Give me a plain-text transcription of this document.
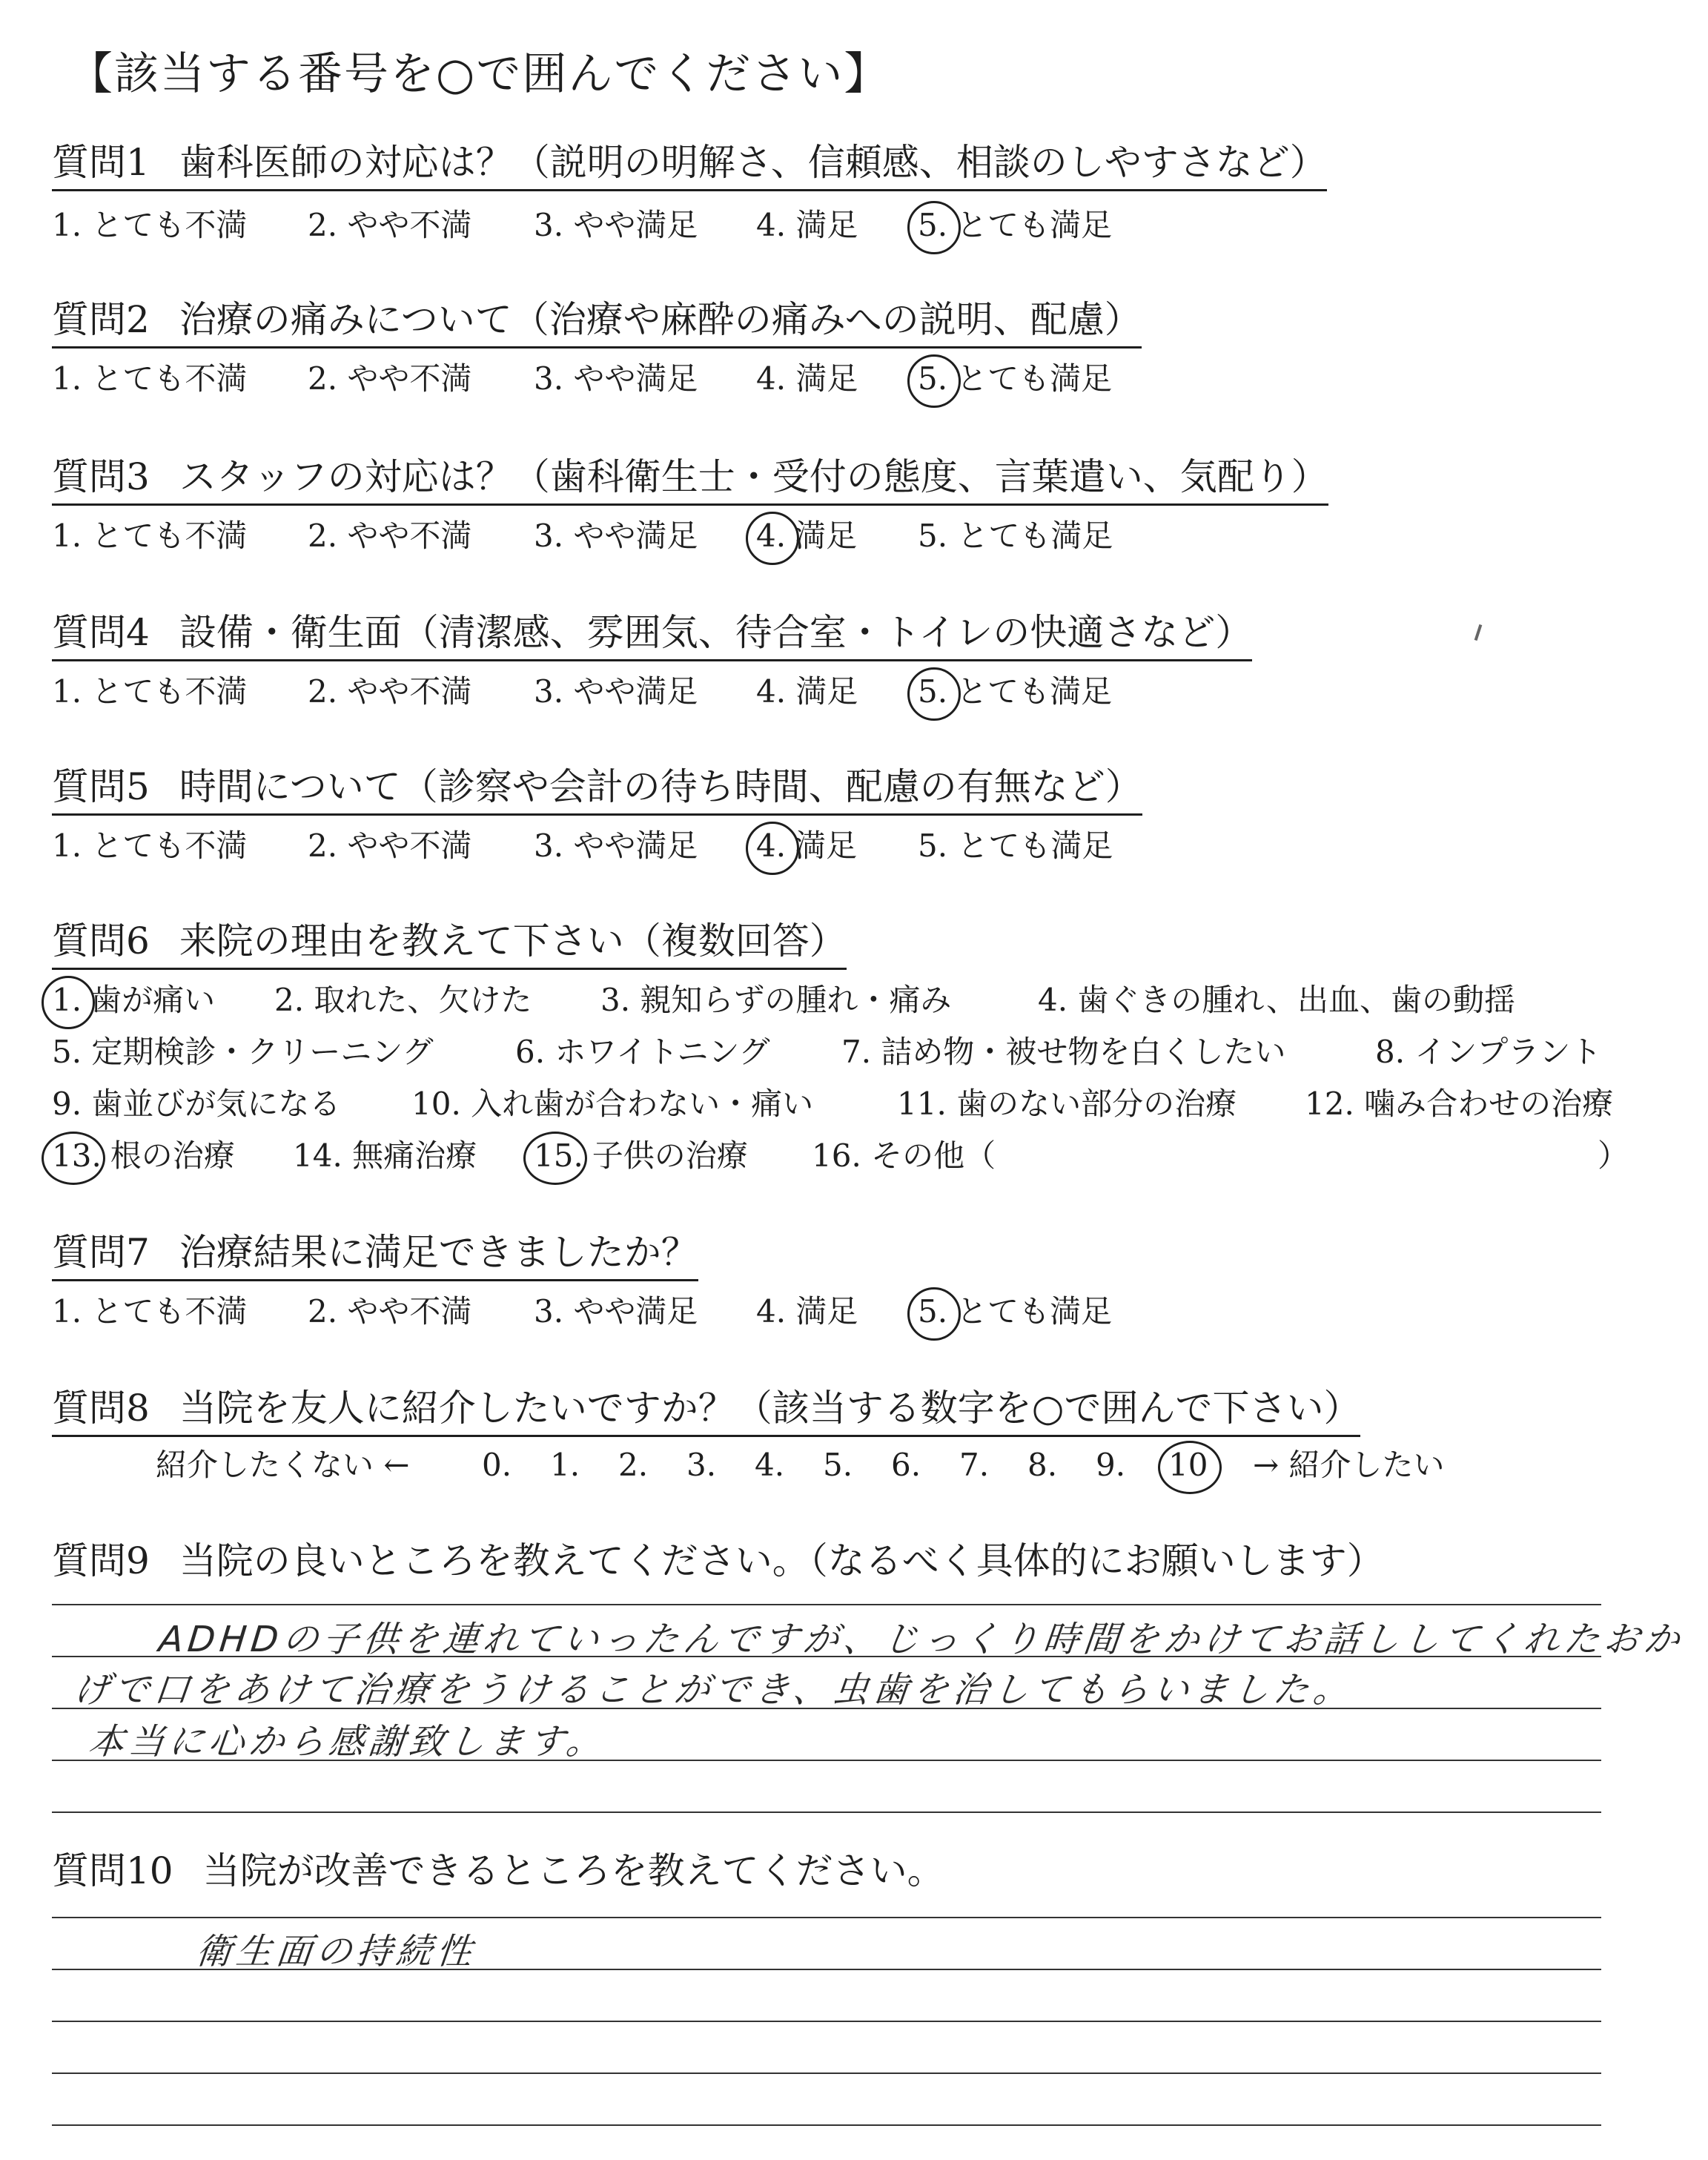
【該当する番号を○で囲んでください】
質問1 歯科医師の対応は？（説明の明解さ、信頼感、相談のしやすさなど）
1. とても不満 2. やや不満 3. やや満足 4. 満足 5. とても満足
質問2 治療の痛みについて（治療や麻酔の痛みへの説明、配慮）
1. とても不満 2. やや不満 3. やや満足 4. 満足 5. とても満足
質問3 スタッフの対応は？（歯科衛生士・受付の態度、言葉遣い、気配り）
1. とても不満 2. やや不満 3. やや満足 4. 満足 5. とても満足
質問4 設備・衛生面（清潔感、雰囲気、待合室・トイレの快適さなど）
1. とても不満 2. やや不満 3. やや満足 4. 満足 5. とても満足
質問5 時間について（診察や会計の待ち時間、配慮の有無など）
1. とても不満 2. やや不満 3. やや満足 4. 満足 5. とても満足
質問6 来院の理由を教えて下さい（複数回答）
1. 歯が痛い 2. 取れた、欠けた 3. 親知らずの腫れ・痛み	4. 歯ぐきの腫れ、出血、歯の動揺
5. 定期検診・クリーニング	6. ホワイトニング 7. 詰め物・被せ物を白くしたい	8. インプラント
9. 歯並びが気になる 10. 入れ歯が合わない・痛い	11. 歯のない部分の治療 12. 噛み合わせの治療
13. 根の治療 14. 無痛治療 15. 子供の治療 16. その他（	）
質問7 治療結果に満足できましたか？
1. とても不満 2. やや不満 3. やや満足 4. 満足 5. とても満足
質問8 当院を友人に紹介したいですか？（該当する数字を○で囲んで下さい）
紹介したくない ← 0. 1. 2. 3. 4. 5. 6. 7. 8. 9. 10 → 紹介したい
質問9 当院の良いところを教えてください。（なるべく具体的にお願いします）
ADHDの子供を連れていったんですが、じっくり時間をかけてお話ししてくれたおか
げで口をあけて治療をうけることができ、虫歯を治してもらいました。
本当に心から感謝致します。
質問10 当院が改善できるところを教えてください。
衛生面の持続性
